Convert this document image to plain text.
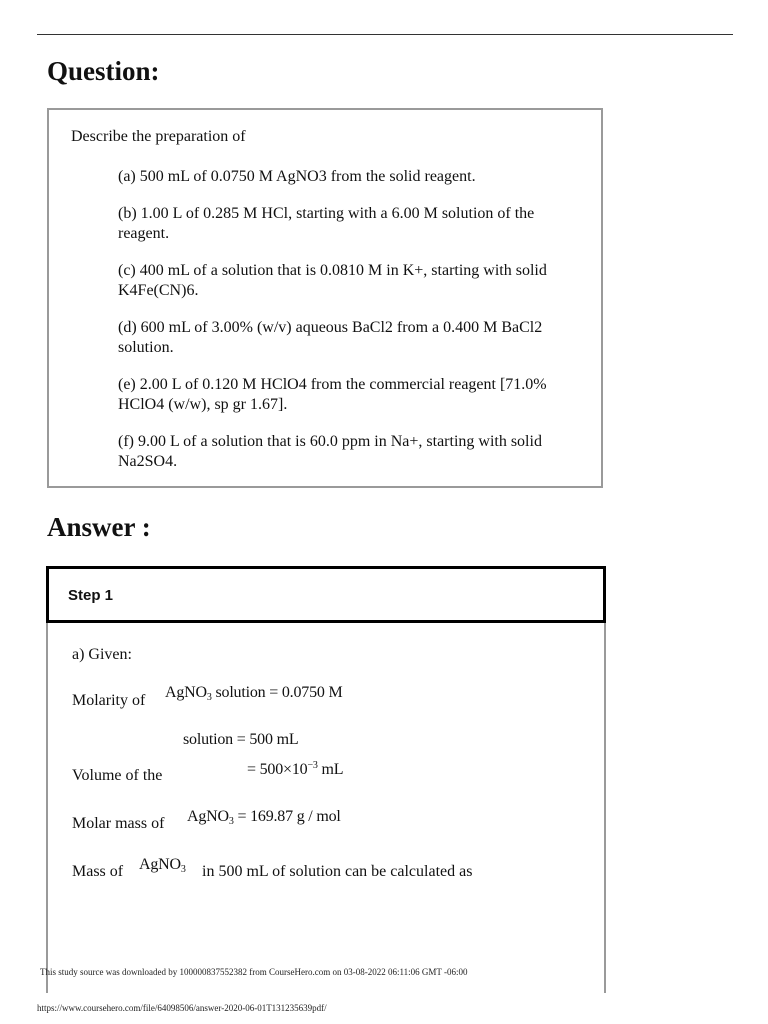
Question:
Describe the preparation of
(a) 500 mL of 0.0750 M AgNO3 from the solid reagent.
(b) 1.00 L of 0.285 M HCl, starting with a 6.00 M solution of the reagent.
(c) 400 mL of a solution that is 0.0810 M in K+, starting with solid K4Fe(CN)6.
(d) 600 mL of 3.00% (w/v) aqueous BaCl2 from a 0.400 M BaCl2 solution.
(e) 2.00 L of 0.120 M HClO4 from the commercial reagent [71.0% HClO4 (w/w), sp gr 1.67].
(f) 9.00 L of a solution that is 60.0 ppm in Na+, starting with solid Na2SO4.
Answer :
Step 1
a) Given:
Molarity of AgNO$_3$ solution = 0.0750 M
solution = 500 mL
Volume of the	= $500\times 10^{-3}$ mL
Molar mass of AgNO$_3$ = 169.87 g / mol
Mass of AgNO$_3$ in 500 mL of solution can be calculated as
This study source was downloaded by 100000837552382 from CourseHero.com on 03-08-2022 06:11:06 GMT -06:00
https://www.coursehero.com/file/64098506/answer-2020-06-01T131235639pdf/
